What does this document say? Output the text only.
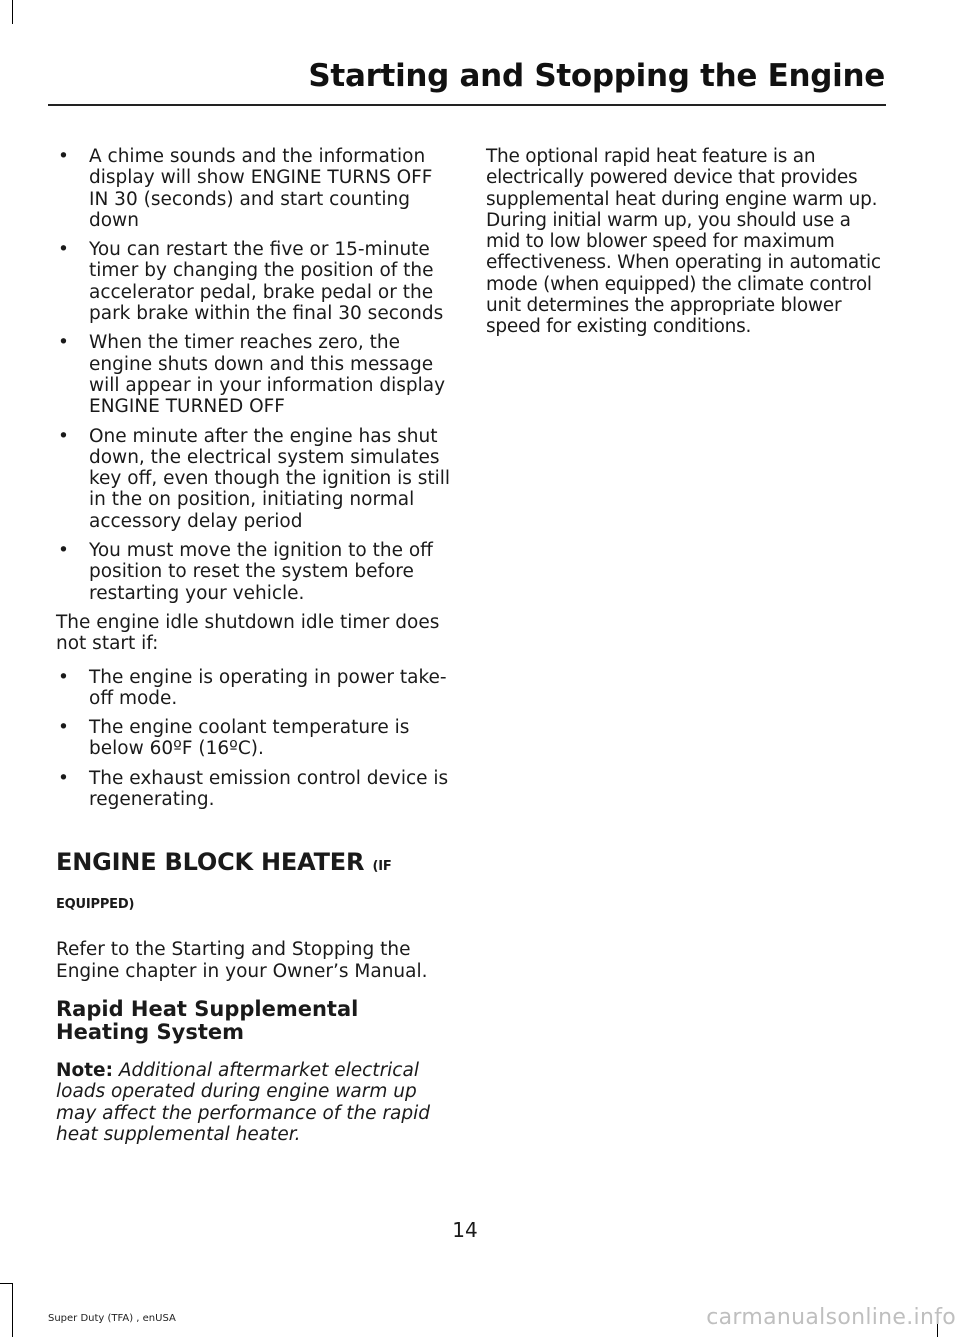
Starting and Stopping the Engine
• A chime sounds and the information display will show ENGINE TURNS OFF IN 30 (seconds) and start counting down
• You can restart the five or 15-minute timer by changing the position of the accelerator pedal, brake pedal or the park brake within the final 30 seconds
• When the timer reaches zero, the engine shuts down and this message will appear in your information display ENGINE TURNED OFF
• One minute after the engine has shut down, the electrical system simulates key off, even though the ignition is still in the on position, initiating normal accessory delay period
• You must move the ignition to the off position to reset the system before restarting your vehicle.

The engine idle shutdown idle timer does not start if:

• The engine is operating in power take-off mode.
• The engine coolant temperature is below 60ºF (16ºC).
• The exhaust emission control device is regenerating.
ENGINE BLOCK HEATER (IF
EQUIPPED)

Refer to the Starting and Stopping the Engine chapter in your Owner’s Manual.

Rapid Heat Supplemental Heating System

Note: Additional aftermarket electrical loads operated during engine warm up may affect the performance of the rapid heat supplemental heater.

The optional rapid heat feature is an electrically powered device that provides supplemental heat during engine warm up. During initial warm up, you should use a mid to low blower speed for maximum effectiveness. When operating in automatic mode (when equipped) the climate control unit determines the appropriate blower speed for existing conditions.

14
Super Duty (TFA) , enUSA	carmanualsonline.info
